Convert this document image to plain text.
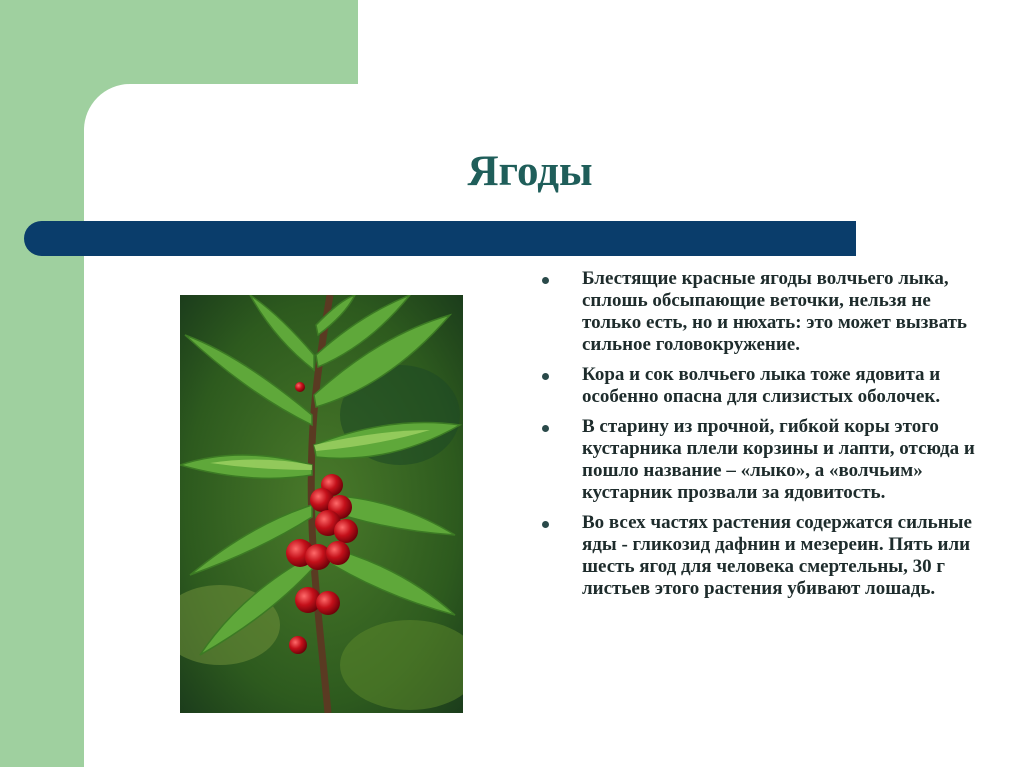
Ягоды
Блестящие красные ягоды волчьего лыка, сплошь обсыпающие веточки, нельзя не только есть, но и нюхать: это может вызвать сильное головокружение.
Кора и сок волчьего лыка тоже ядовита и особенно опасна для слизистых оболочек.
В старину из прочной, гибкой коры этого кустарника плели корзины и лапти, отсюда и пошло название – «лыко», а «волчьим» кустарник прозвали за ядовитость.
Во всех частях растения содержатся сильные яды - гликозид дафнин и мезереин. Пять или шесть ягод для человека смертельны, 30 г листьев этого растения убивают лошадь.
